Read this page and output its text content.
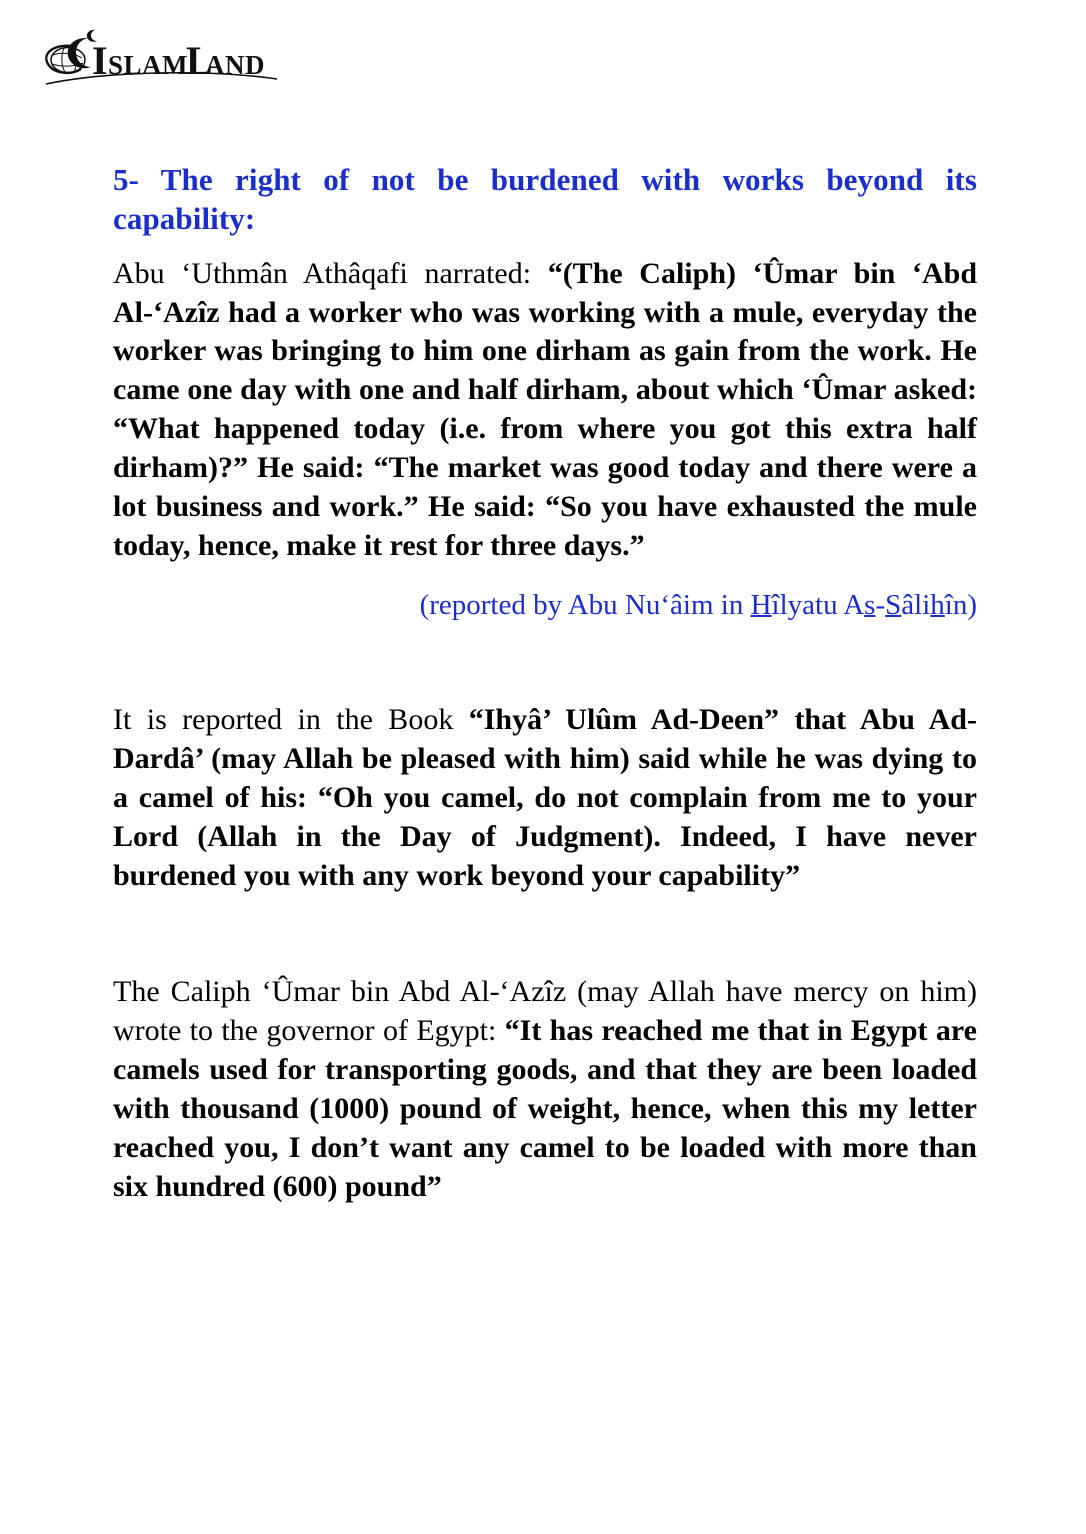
I SLAM
L
AND
5- The right of not be burdened with works beyond its capability:

Abu ‘Uthmân Athâqafi narrated: “(The Caliph) ‘Ûmar bin ‘Abd Al-‘Azîz had a worker who was working with a mule, everyday the worker was bringing to him one dirham as gain from the work. He came one day with one and half dirham, about which ‘Ûmar asked: “What happened today (i.e. from where you got this extra half dirham)?” He said: “The market was good today and there were a lot business and work.” He said: “So you have exhausted the mule today, hence, make it rest for three days.”

(reported by Abu Nu‘âim in Hîlyatu As-Sâlihîn)

It is reported in the Book “Ihyâ’ Ulûm Ad-Deen” that Abu Ad-Dardâ’ (may Allah be pleased with him) said while he was dying to a camel of his: “Oh you camel, do not complain from me to your Lord (Allah in the Day of Judgment). Indeed, I have never burdened you with any work beyond your capability”

The Caliph ‘Ûmar bin Abd Al-‘Azîz (may Allah have mercy on him) wrote to the governor of Egypt: “It has reached me that in Egypt are camels used for transporting goods, and that they are been loaded with thousand (1000) pound of weight, hence, when this my letter reached you, I don’t want any camel to be loaded with more than six hundred (600) pound”
